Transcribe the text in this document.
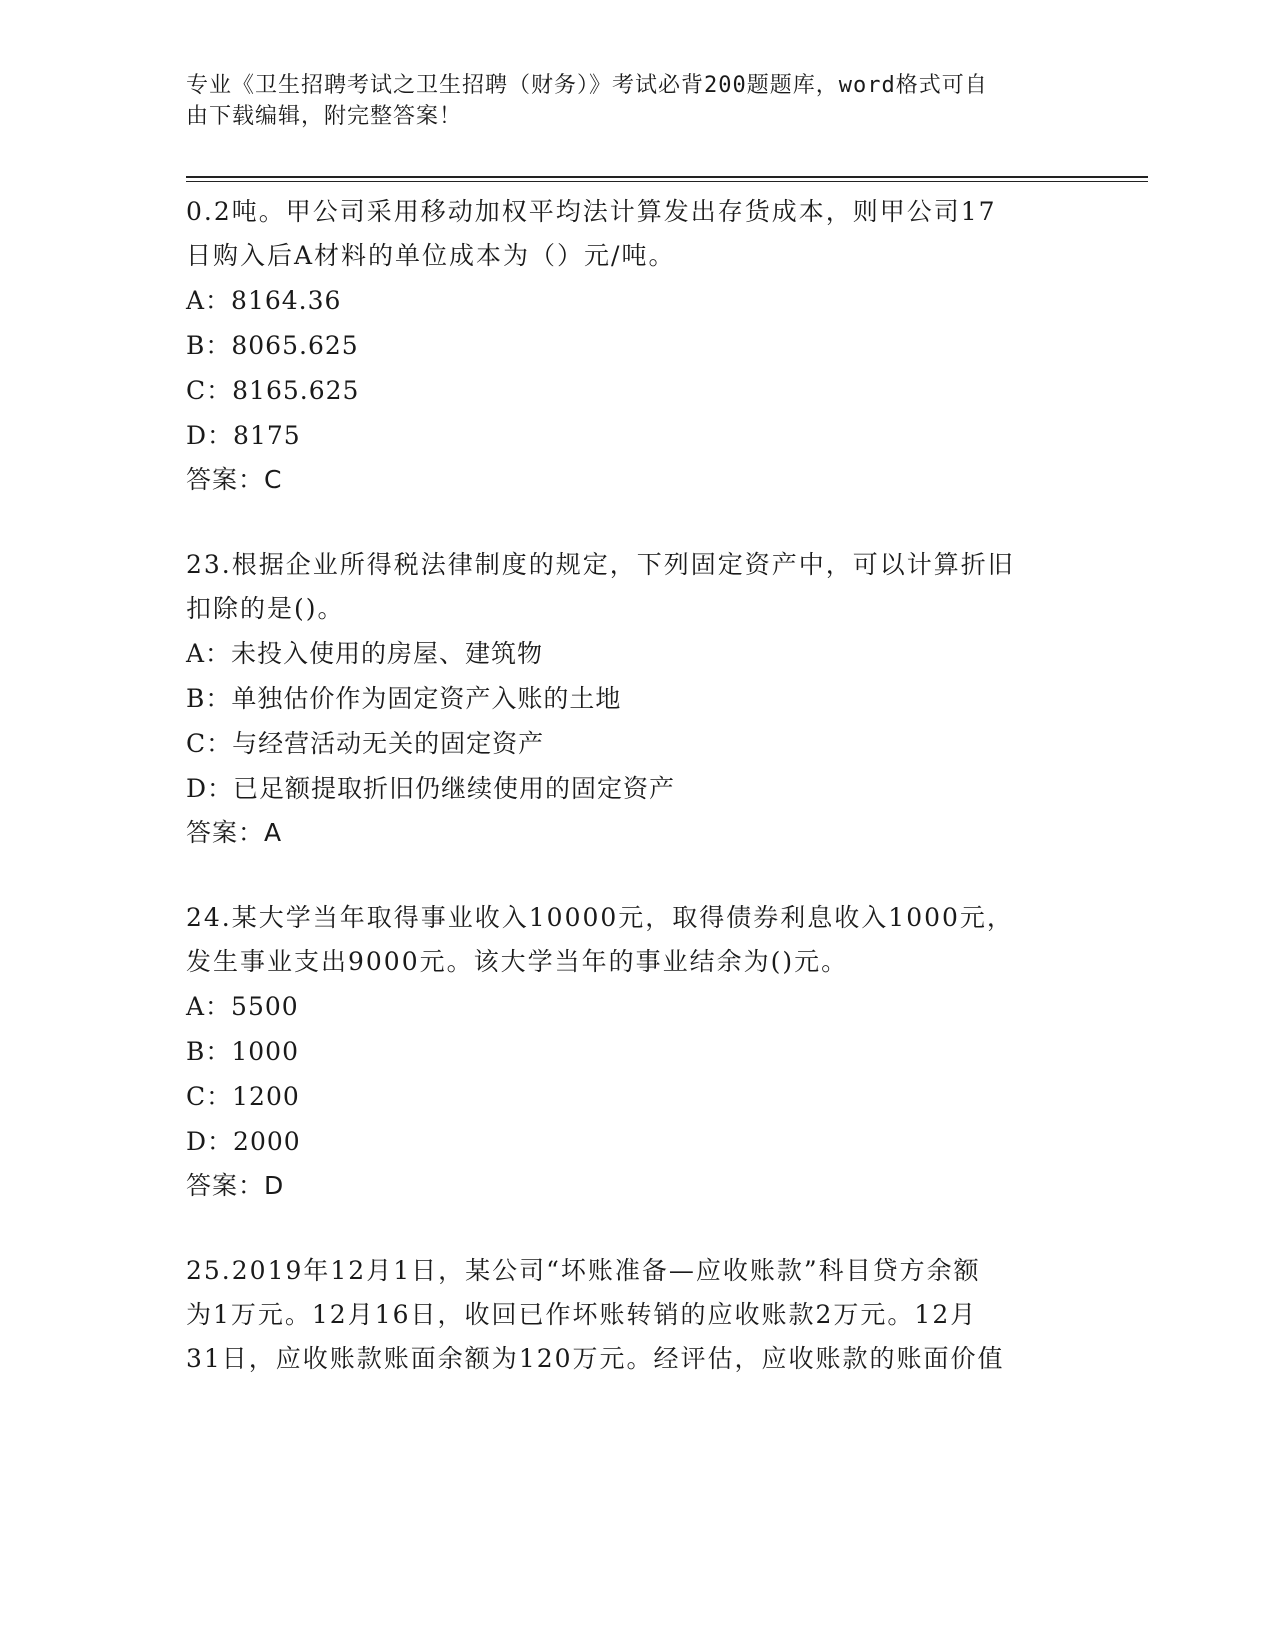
专业《卫生招聘考试之卫生招聘（财务）》考试必背200题题库，word格式可自
由下载编辑，附完整答案！
0.2吨。甲公司采用移动加权平均法计算发出存货成本，则甲公司17
日购入后A材料的单位成本为（）元/吨。
A：8164.36
B：8065.625
C：8165.625
D：8175
答案：C
23.根据企业所得税法律制度的规定，下列固定资产中，可以计算折旧
扣除的是()。
A：未投入使用的房屋、建筑物
B：单独估价作为固定资产入账的土地
C：与经营活动无关的固定资产
D：已足额提取折旧仍继续使用的固定资产
答案：A
24.某大学当年取得事业收入10000元，取得债券利息收入1000元，
发生事业支出9000元。该大学当年的事业结余为()元。
A：5500
B：1000
C：1200
D：2000
答案：D
25.2019年12月1日，某公司“坏账准备—应收账款”科目贷方余额
为1万元。12月16日，收回已作坏账转销的应收账款2万元。12月
31日，应收账款账面余额为120万元。经评估，应收账款的账面价值
